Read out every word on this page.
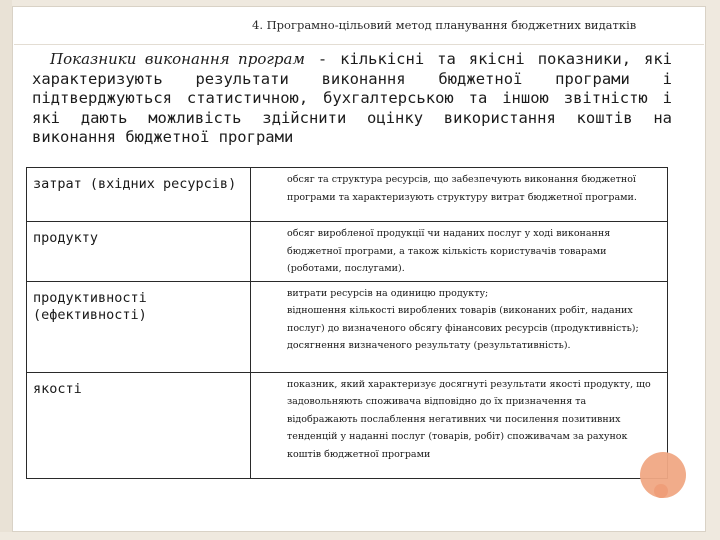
4. Програмно-цільовий метод планування бюджетних видатків
Показники виконання програм - кількісні та якісні показники, які характеризують результати виконання бюджетної програми і підтверджуються статистичною, бухгалтерською та іншою звітністю і які дають можливість здійснити оцінку використання коштів на виконання бюджетної програми
затрат (вхідних ресурсів)	обсяг та структура ресурсів, що забезпечують виконання бюджетної програми та характеризують структуру витрат бюджетної програми.

продукту	обсяг виробленої продукції чи наданих послуг у ході виконання бюджетної програми, а також кількість користувачів товарами (роботами, послугами).

продуктивності (ефективності)	витрати ресурсів на одиницю продукту;
відношення кількості вироблених товарів (виконаних робіт, наданих послуг) до визначеного обсягу фінансових ресурсів (продуктивність);
досягнення визначеного результату (результативність).

якості	показник, який характеризує досягнуті результати якості продукту, що задовольняють споживача відповідно до їх призначення та відображають послаблення негативних чи посилення позитивних тенденцій у наданні послуг (товарів, робіт) споживачам за рахунок коштів бюджетної програми
